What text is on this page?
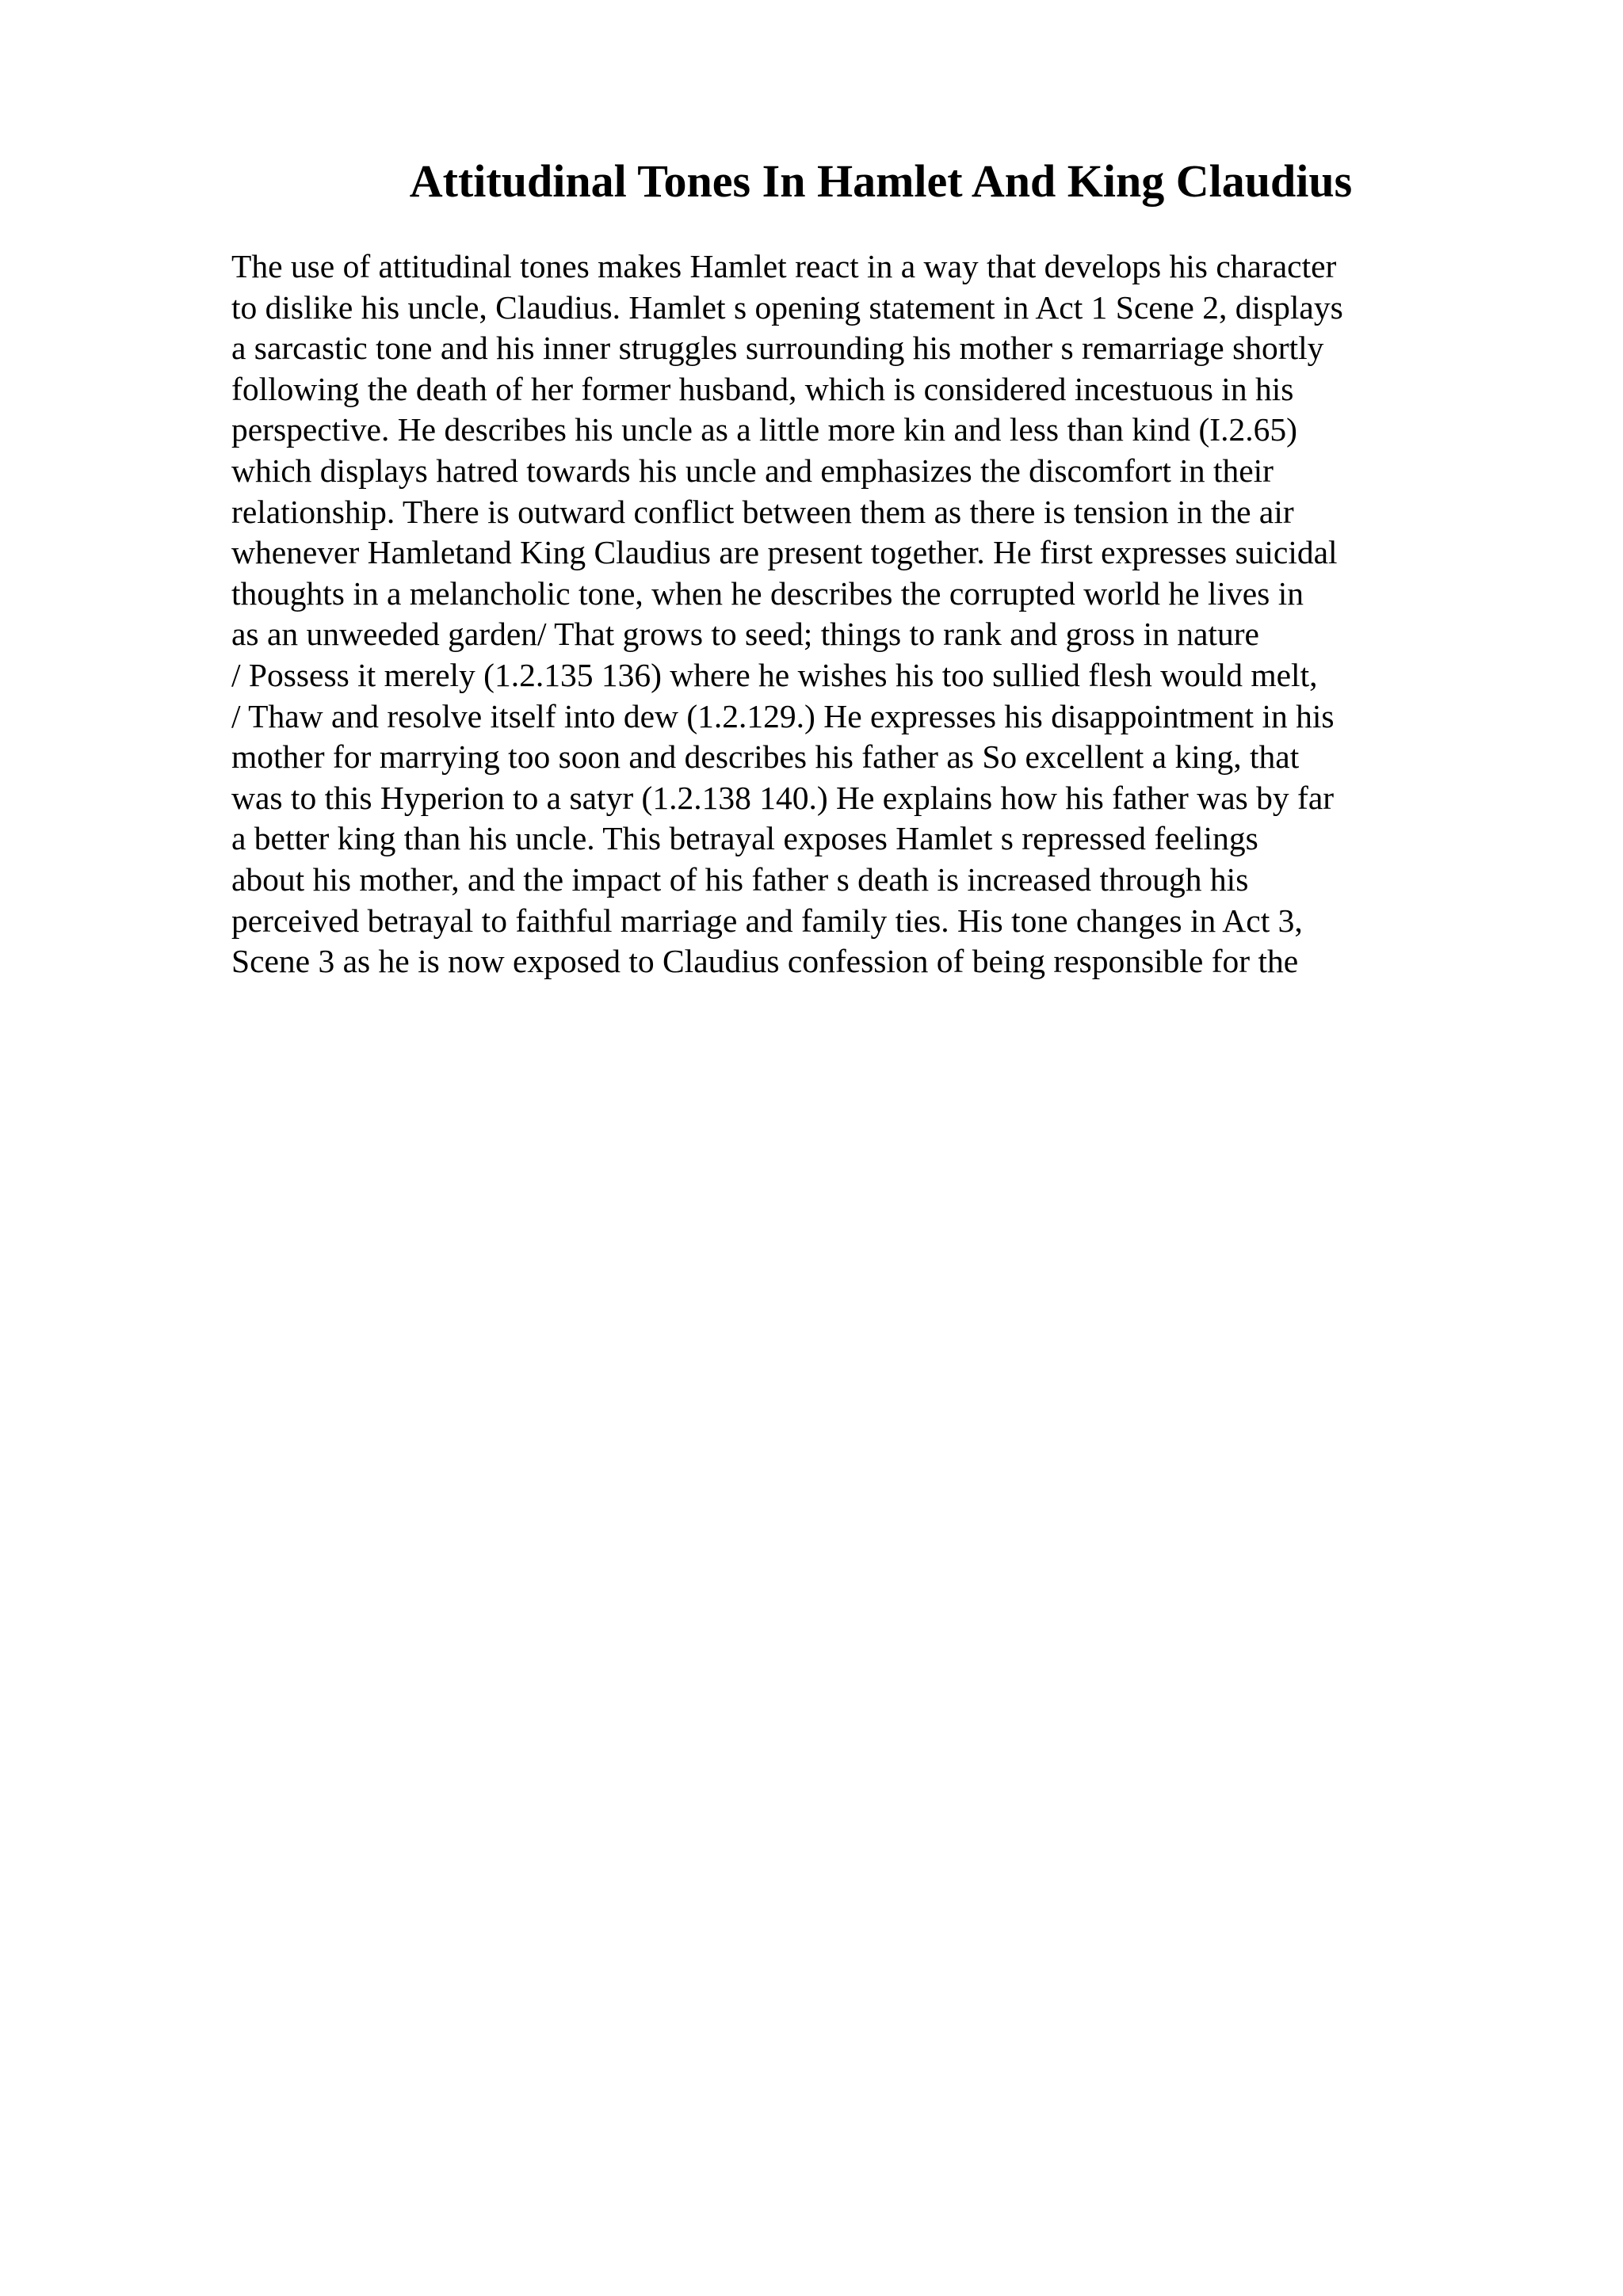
Attitudinal Tones In Hamlet And King Claudius
The use of attitudinal tones makes Hamlet react in a way that develops his character
to dislike his uncle, Claudius. Hamlet s opening statement in Act 1 Scene 2, displays
a sarcastic tone and his inner struggles surrounding his mother s remarriage shortly
following the death of her former husband, which is considered incestuous in his
perspective. He describes his uncle as a little more kin and less than kind (I.2.65)
which displays hatred towards his uncle and emphasizes the discomfort in their
relationship. There is outward conflict between them as there is tension in the air
whenever Hamletand King Claudius are present together. He first expresses suicidal
thoughts in a melancholic tone, when he describes the corrupted world he lives in
as an unweeded garden/ That grows to seed; things to rank and gross in nature
/ Possess it merely (1.2.135 136) where he wishes his too sullied flesh would melt,
/ Thaw and resolve itself into dew (1.2.129.) He expresses his disappointment in his
mother for marrying too soon and describes his father as So excellent a king, that
was to this Hyperion to a satyr (1.2.138 140.) He explains how his father was by far
a better king than his uncle. This betrayal exposes Hamlet s repressed feelings
about his mother, and the impact of his father s death is increased through his
perceived betrayal to faithful marriage and family ties. His tone changes in Act 3,
Scene 3 as he is now exposed to Claudius confession of being responsible for the
